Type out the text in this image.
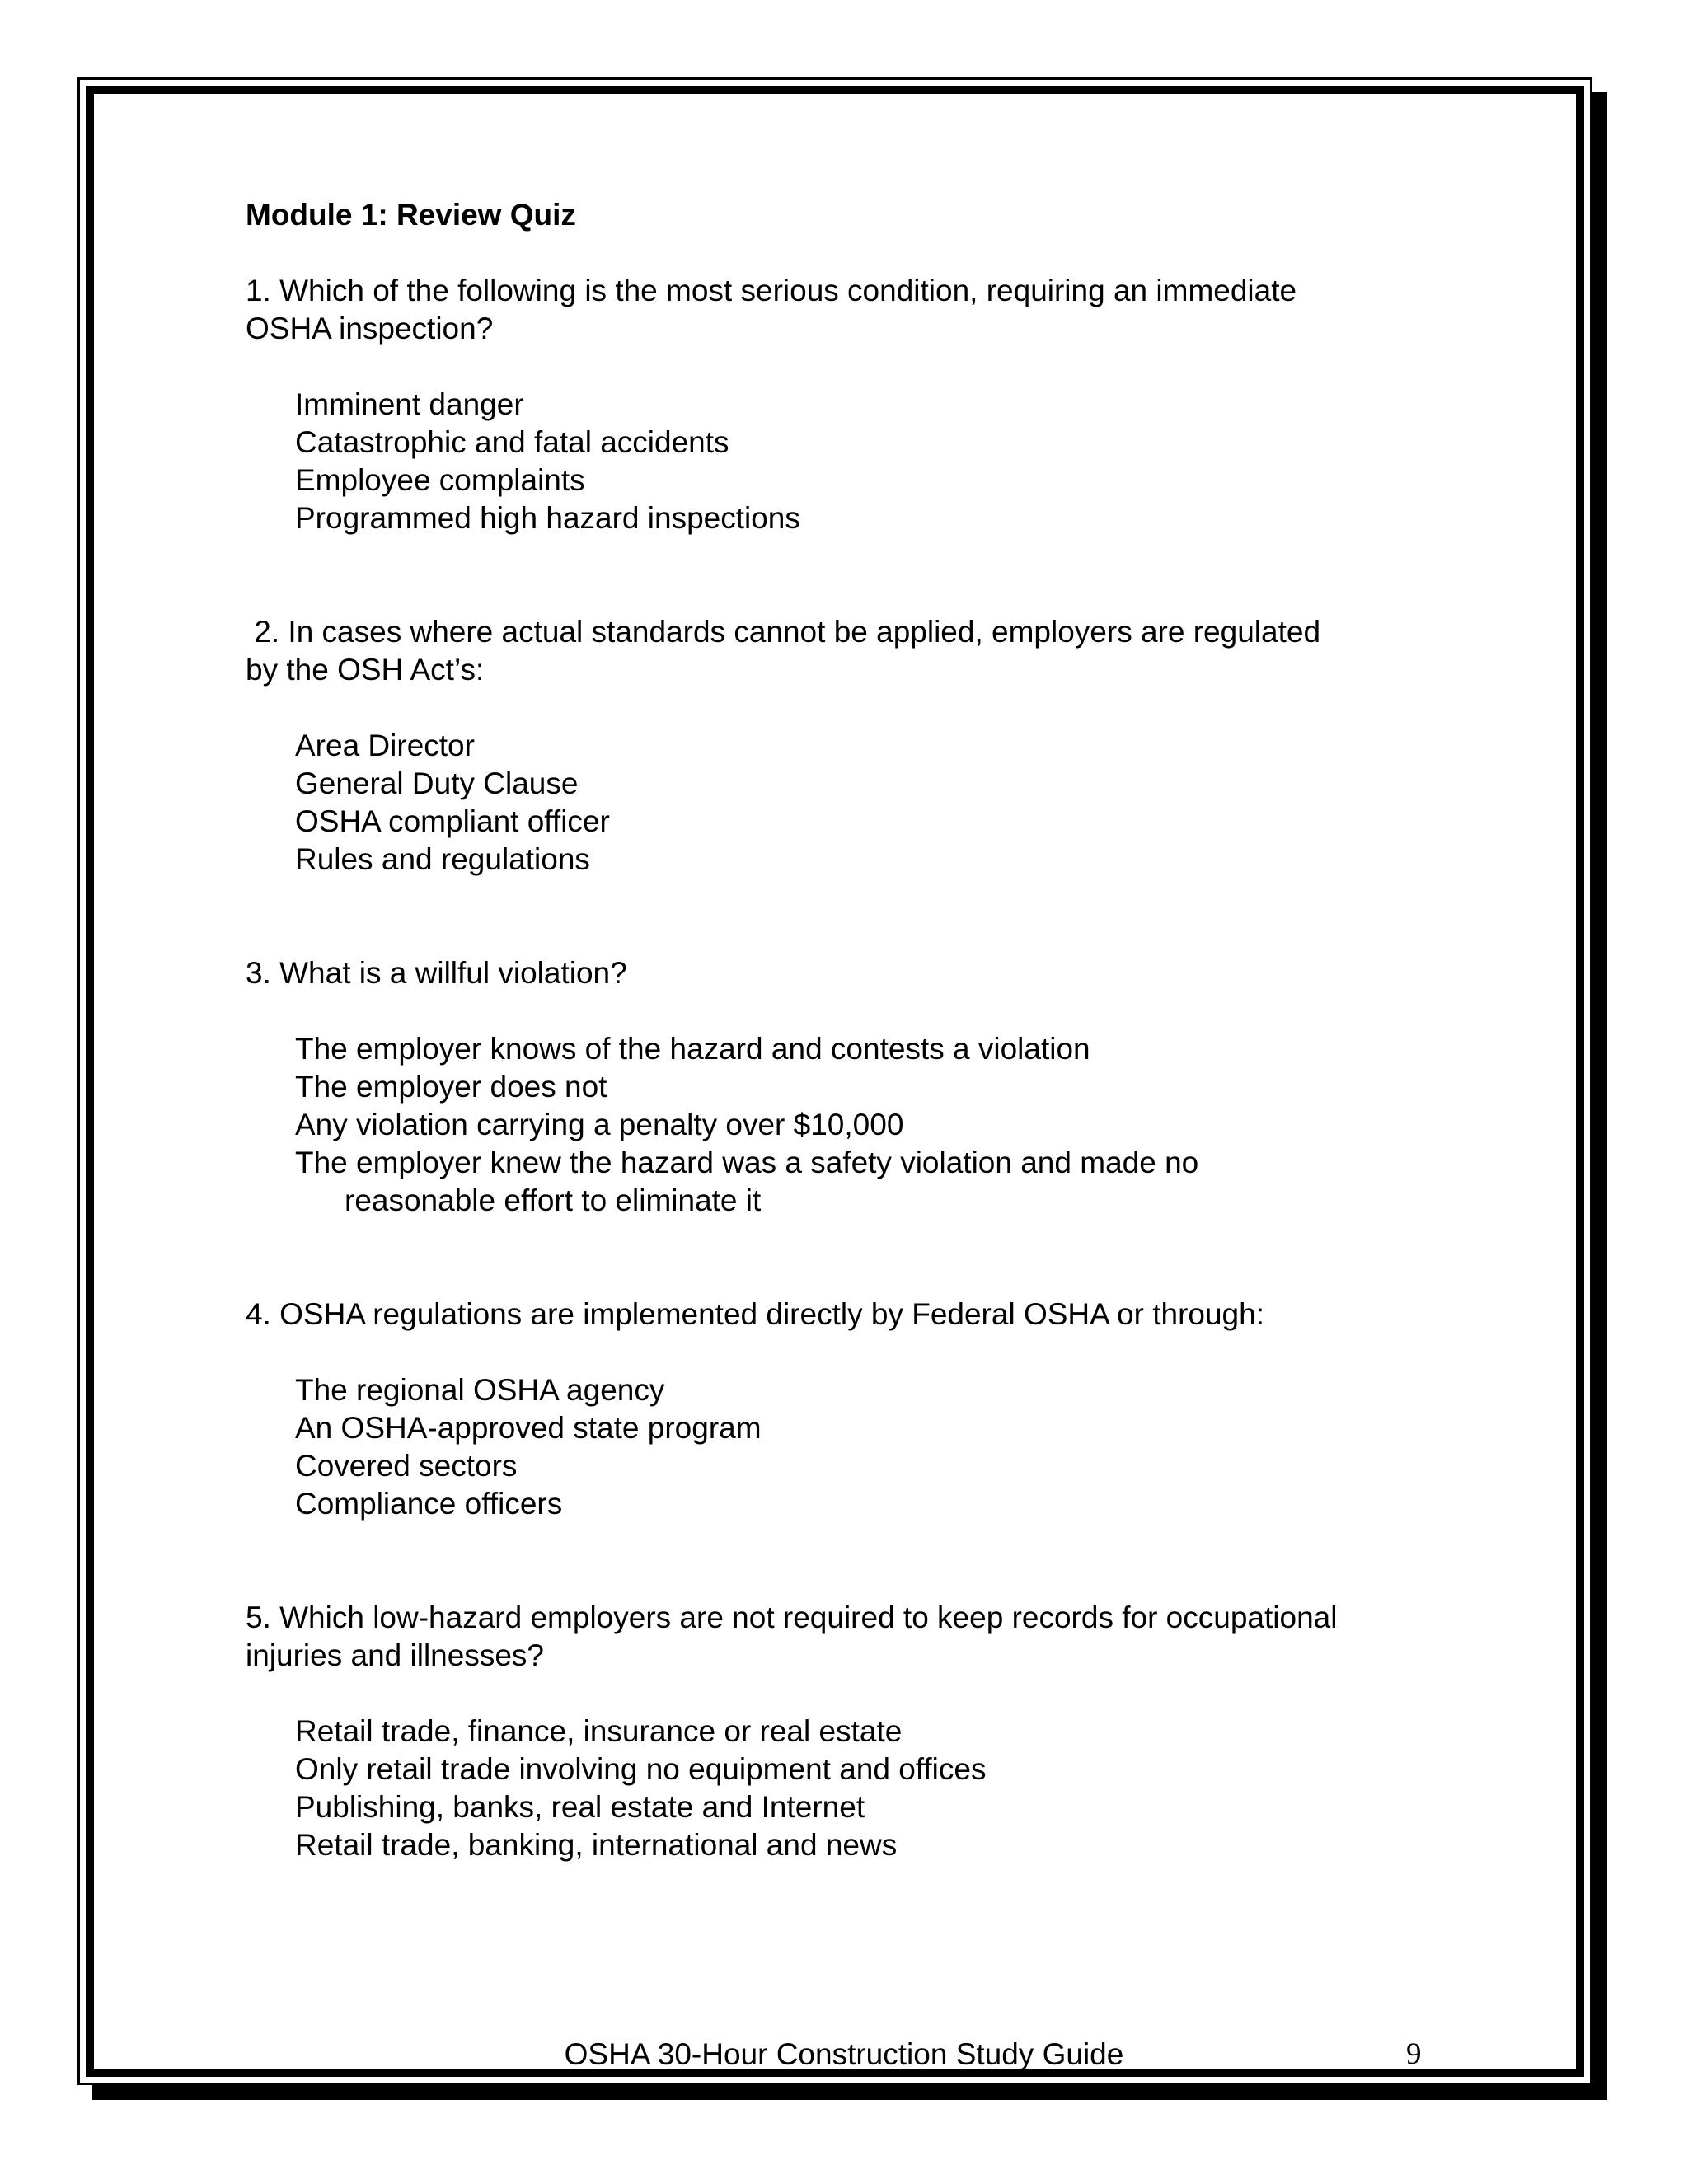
Module 1: Review Quiz
1. Which of the following is the most serious condition, requiring an immediate
OSHA inspection?
Imminent danger
Catastrophic and fatal accidents
Employee complaints
Programmed high hazard inspections
2. In cases where actual standards cannot be applied, employers are regulated
by the OSH Act’s:
Area Director
General Duty Clause
OSHA compliant officer
Rules and regulations
3. What is a willful violation?
The employer knows of the hazard and contests a violation
The employer does not
Any violation carrying a penalty over $10,000
The employer knew the hazard was a safety violation and made no
reasonable effort to eliminate it
4. OSHA regulations are implemented directly by Federal OSHA or through:
The regional OSHA agency
An OSHA-approved state program
Covered sectors
Compliance officers
5. Which low-hazard employers are not required to keep records for occupational
injuries and illnesses?
Retail trade, finance, insurance or real estate
Only retail trade involving no equipment and offices
Publishing, banks, real estate and Internet
Retail trade, banking, international and news
OSHA 30-Hour Construction Study Guide	9
